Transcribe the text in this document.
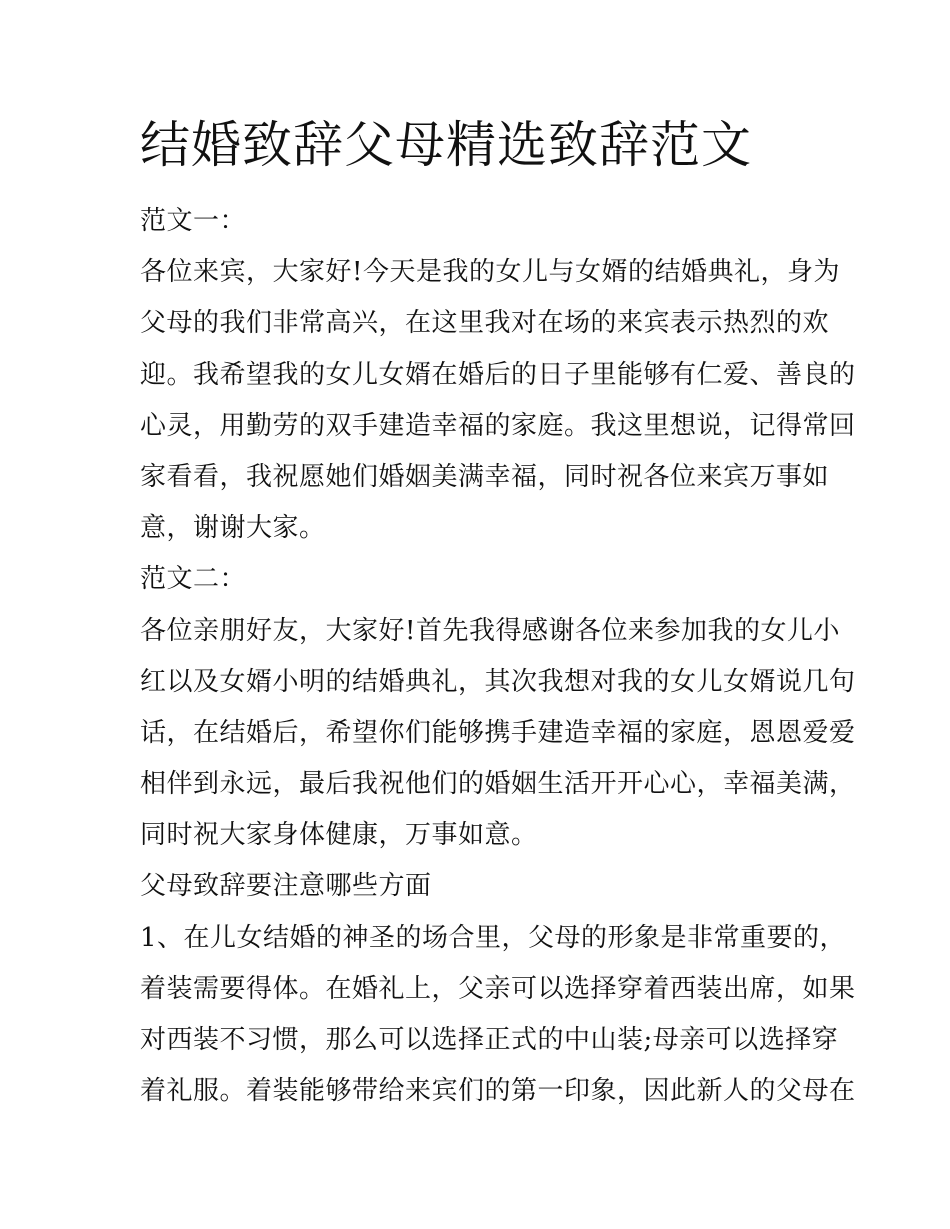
结婚致辞父母精选致辞范文
范文一：
各位来宾，大家好!今天是我的女儿与女婿的结婚典礼，身为
父母的我们非常高兴，在这里我对在场的来宾表示热烈的欢
迎。我希望我的女儿女婿在婚后的日子里能够有仁爱、善良的
心灵，用勤劳的双手建造幸福的家庭。我这里想说，记得常回
家看看，我祝愿她们婚姻美满幸福，同时祝各位来宾万事如
意，谢谢大家。
范文二：
各位亲朋好友，大家好!首先我得感谢各位来参加我的女儿小
红以及女婿小明的结婚典礼，其次我想对我的女儿女婿说几句
话，在结婚后，希望你们能够携手建造幸福的家庭，恩恩爱爱
相伴到永远，最后我祝他们的婚姻生活开开心心，幸福美满，
同时祝大家身体健康，万事如意。
父母致辞要注意哪些方面
1、在儿女结婚的神圣的场合里，父母的形象是非常重要的，
着装需要得体。在婚礼上，父亲可以选择穿着西装出席，如果
对西装不习惯，那么可以选择正式的中山装;母亲可以选择穿
着礼服。着装能够带给来宾们的第一印象，因此新人的父母在
